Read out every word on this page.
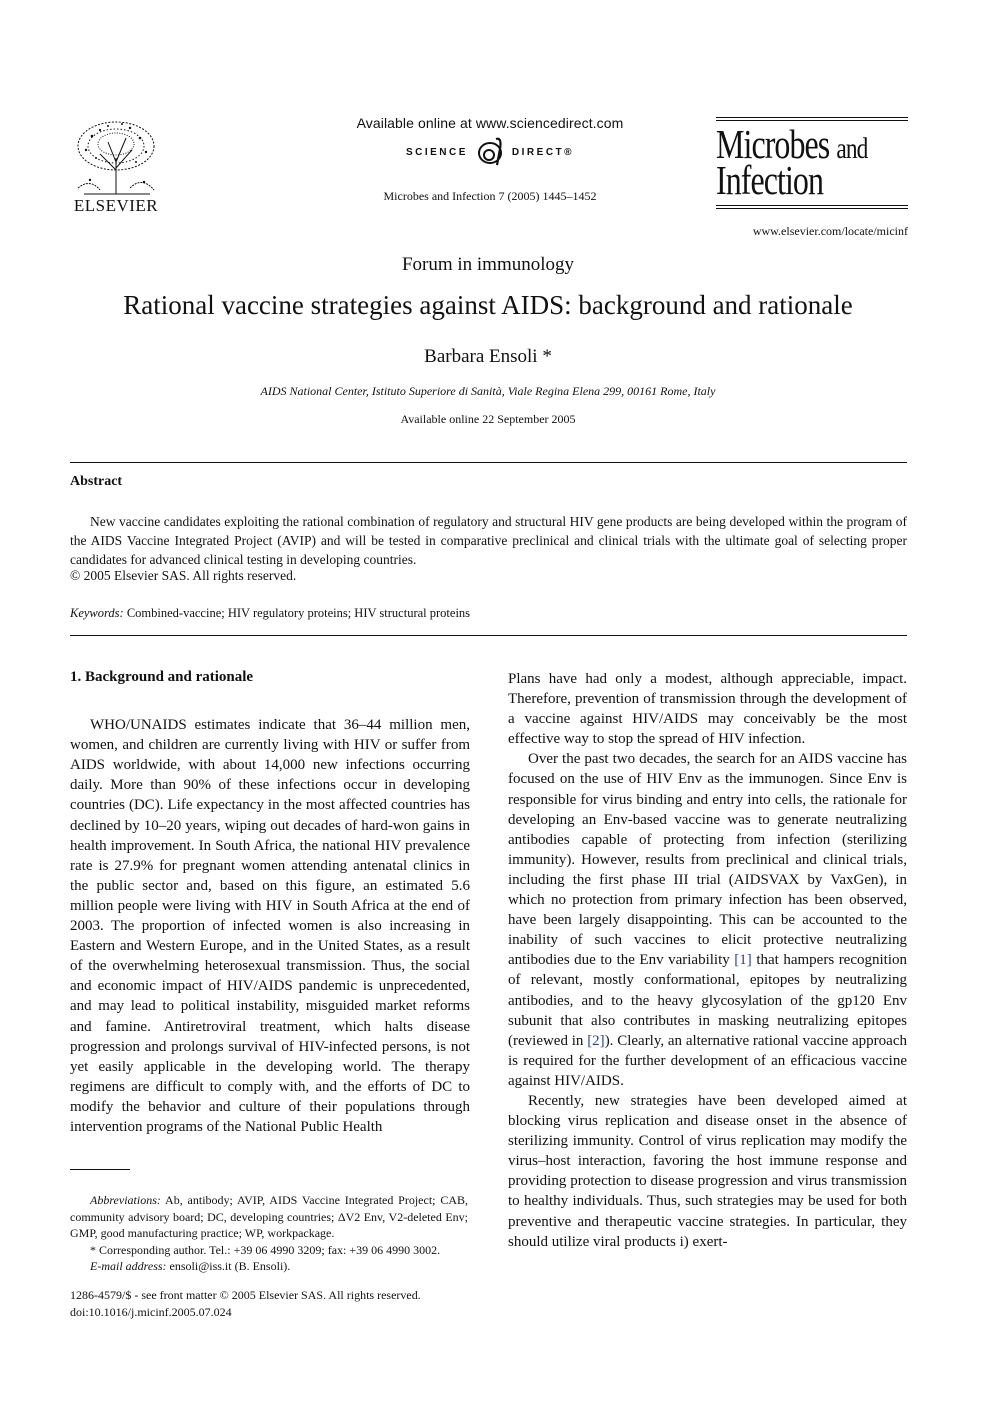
ELSEVIER
Available online at www.sciencedirect.com
SCIENCE	DIRECT®
Microbes and Infection 7 (2005) 1445–1452
Microbes and
Infection
www.elsevier.com/locate/micinf
Forum in immunology
Rational vaccine strategies against AIDS: background and rationale
Barbara Ensoli *
AIDS National Center, Istituto Superiore di Sanità, Viale Regina Elena 299, 00161 Rome, Italy
Available online 22 September 2005
Abstract

New vaccine candidates exploiting the rational combination of regulatory and structural HIV gene products are being developed within the program of the AIDS Vaccine Integrated Project (AVIP) and will be tested in comparative preclinical and clinical trials with the ultimate goal of selecting proper candidates for advanced clinical testing in developing countries.

© 2005 Elsevier SAS. All rights reserved.
Keywords: Combined-vaccine; HIV regulatory proteins; HIV structural proteins

1. Background and rationale

WHO/UNAIDS estimates indicate that 36–44 million men, women, and children are currently living with HIV or suffer from AIDS worldwide, with about 14,000 new infections occurring daily. More than 90% of these infections occur in developing countries (DC). Life expectancy in the most affected countries has declined by 10–20 years, wiping out decades of hard-won gains in health improvement. In South Africa, the national HIV prevalence rate is 27.9% for pregnant women attending antenatal clinics in the public sector and, based on this figure, an estimated 5.6 million people were living with HIV in South Africa at the end of 2003. The proportion of infected women is also increasing in Eastern and Western Europe, and in the United States, as a result of the overwhelming heterosexual transmission. Thus, the social and economic impact of HIV/AIDS pandemic is unprecedented, and may lead to political instability, misguided market reforms and famine. Antiretroviral treatment, which halts disease progression and prolongs survival of HIV-infected persons, is not yet easily applicable in the developing world. The therapy regimens are difficult to comply with, and the efforts of DC to modify the behavior and culture of their populations through intervention programs of the National Public Health

Abbreviations: Ab, antibody; AVIP, AIDS Vaccine Integrated Project; CAB, community advisory board; DC, developing countries; ΔV2 Env, V2-deleted Env; GMP, good manufacturing practice; WP, workpackage.

* Corresponding author. Tel.: +39 06 4990 3209; fax: +39 06 4990 3002.

E-mail address: ensoli@iss.it (B. Ensoli).

1286-4579/$ - see front matter © 2005 Elsevier SAS. All rights reserved.
doi:10.1016/j.micinf.2005.07.024

Plans have had only a modest, although appreciable, impact. Therefore, prevention of transmission through the development of a vaccine against HIV/AIDS may conceivably be the most effective way to stop the spread of HIV infection.

Over the past two decades, the search for an AIDS vaccine has focused on the use of HIV Env as the immunogen. Since Env is responsible for virus binding and entry into cells, the rationale for developing an Env-based vaccine was to generate neutralizing antibodies capable of protecting from infection (sterilizing immunity). However, results from preclinical and clinical trials, including the first phase III trial (AIDSVAX by VaxGen), in which no protection from primary infection has been observed, have been largely disappointing. This can be accounted to the inability of such vaccines to elicit protective neutralizing antibodies due to the Env variability [1] that hampers recognition of relevant, mostly conformational, epitopes by neutralizing antibodies, and to the heavy glycosylation of the gp120 Env subunit that also contributes in masking neutralizing epitopes (reviewed in [2]). Clearly, an alternative rational vaccine approach is required for the further development of an efficacious vaccine against HIV/AIDS.

Recently, new strategies have been developed aimed at blocking virus replication and disease onset in the absence of sterilizing immunity. Control of virus replication may modify the virus–host interaction, favoring the host immune response and providing protection to disease progression and virus transmission to healthy individuals. Thus, such strategies may be used for both preventive and therapeutic vaccine strategies. In particular, they should utilize viral products i) exert-
